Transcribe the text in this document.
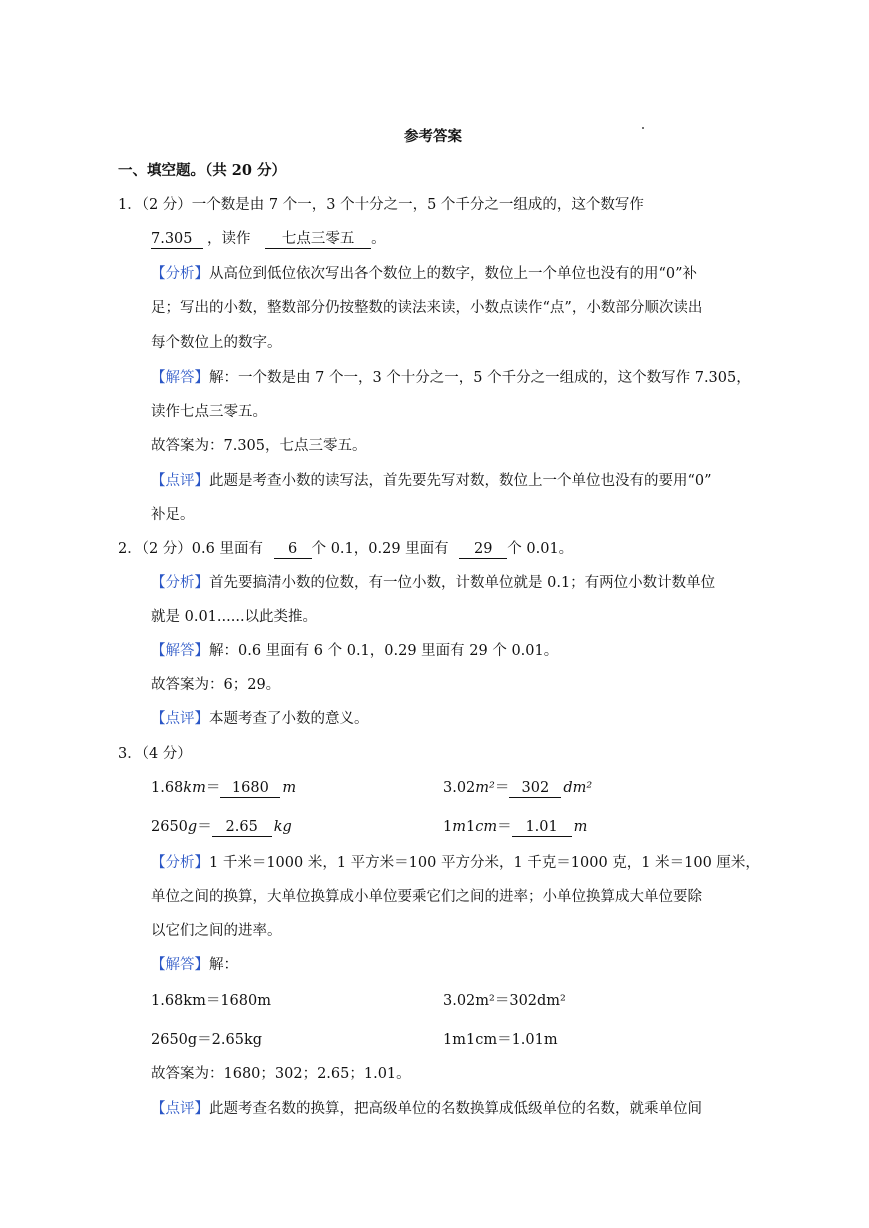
参考答案
一、填空题。（共 20 分）
1．（2 分）一个数是由 7 个一，3 个十分之一，5 个千分之一组成的，这个数写作
7.305 ，读作 七点三零五 。
【分析】从高位到低位依次写出各个数位上的数字，数位上一个单位也没有的用“0”补
足；写出的小数，整数部分仍按整数的读法来读，小数点读作“点”，小数部分顺次读出
每个数位上的数字。
【解答】解：一个数是由 7 个一，3 个十分之一，5 个千分之一组成的，这个数写作 7.305，
读作七点三零五。
故答案为：7.305，七点三零五。
【点评】此题是考查小数的读写法，首先要先写对数，数位上一个单位也没有的要用“0”
补足。
2．（2 分）0.6 里面有 6 个 0.1，0.29 里面有 29 个 0.01。
【分析】首先要搞清小数的位数，有一位小数，计数单位就是 0.1；有两位小数计数单位
就是 0.01......以此类推。
【解答】解：0.6 里面有 6 个 0.1，0.29 里面有 29 个 0.01。
故答案为：6；29。
【点评】本题考查了小数的意义。
3．（4 分）
1.68km＝ 1680 m	3.02m²＝ 302 dm²
2650g＝ 2.65 kg	1m1cm＝ 1.01 m
【分析】1 千米＝1000 米，1 平方米＝100 平方分米，1 千克＝1000 克，1 米＝100 厘米，
单位之间的换算，大单位换算成小单位要乘它们之间的进率；小单位换算成大单位要除
以它们之间的进率。
【解答】解：
1.68km＝1680m	3.02m²＝302dm²
2650g＝2.65kg	1m1cm＝1.01m
故答案为：1680；302；2.65；1.01。
【点评】此题考查名数的换算，把高级单位的名数换算成低级单位的名数，就乘单位间
